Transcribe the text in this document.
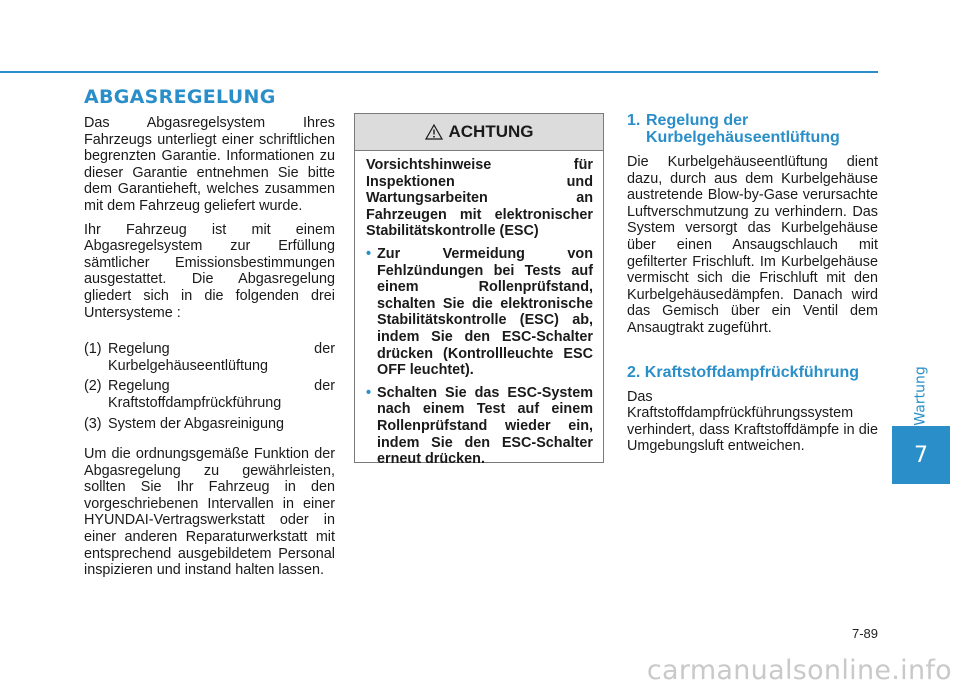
ABGASREGELUNG

Das Abgasregelsystem Ihres Fahrzeugs unterliegt einer schriftlichen begrenzten Garantie. Informationen zu dieser Garantie entnehmen Sie bitte dem Garantieheft, welches zusammen mit dem Fahrzeug geliefert wurde.

Ihr Fahrzeug ist mit einem Abgasregelsystem zur Erfüllung sämtlicher Emissionsbestimmungen ausgestattet. Die Abgasregelung gliedert sich in die folgenden drei Untersysteme :

(1) Regelung der Kurbelgehäuseentlüftung
(2) Regelung der Kraftstoffdampfrückführung
(3) System der Abgasreinigung

Um die ordnungsgemäße Funktion der Abgasregelung zu gewährleisten, sollten Sie Ihr Fahrzeug in den vorgeschriebenen Intervallen in einer HYUNDAI-Vertragswerkstatt oder in einer anderen Reparaturwerkstatt mit entsprechend ausgebildetem Personal inspizieren und instand halten lassen.

ACHTUNG

Vorsichtshinweise für Inspektionen und Wartungsarbeiten an Fahrzeugen mit elektronischer Stabilitätskontrolle (ESC)

• Zur Vermeidung von Fehlzündungen bei Tests auf einem Rollenprüfstand, schalten Sie die elektronische Stabilitätskontrolle (ESC) ab, indem Sie den ESC-Schalter drücken (Kontrollleuchte ESC OFF leuchtet).
• Schalten Sie das ESC-System nach einem Test auf einem Rollenprüfstand wieder ein, indem Sie den ESC-Schalter erneut drücken.
1. Regelung der
Kurbelgehäuseentlüftung

Die Kurbelgehäuseentlüftung dient dazu, durch aus dem Kurbelgehäuse austretende Blow-by-Gase verursachte Luftverschmutzung zu verhindern. Das System versorgt das Kurbelgehäuse über einen Ansaugschlauch mit gefilterter Frischluft. Im Kurbelgehäuse vermischt sich die Frischluft mit den Kurbelgehäusedämpfen. Danach wird das Gemisch über ein Ventil dem Ansaugtrakt zugeführt.

2. Kraftstoffdampfrückführung

Das Kraftstoffdampfrückführungssystem verhindert, dass Kraftstoffdämpfe in die Umgebungsluft entweichen.

Wartung
7
7-89
carmanualsonline.info
